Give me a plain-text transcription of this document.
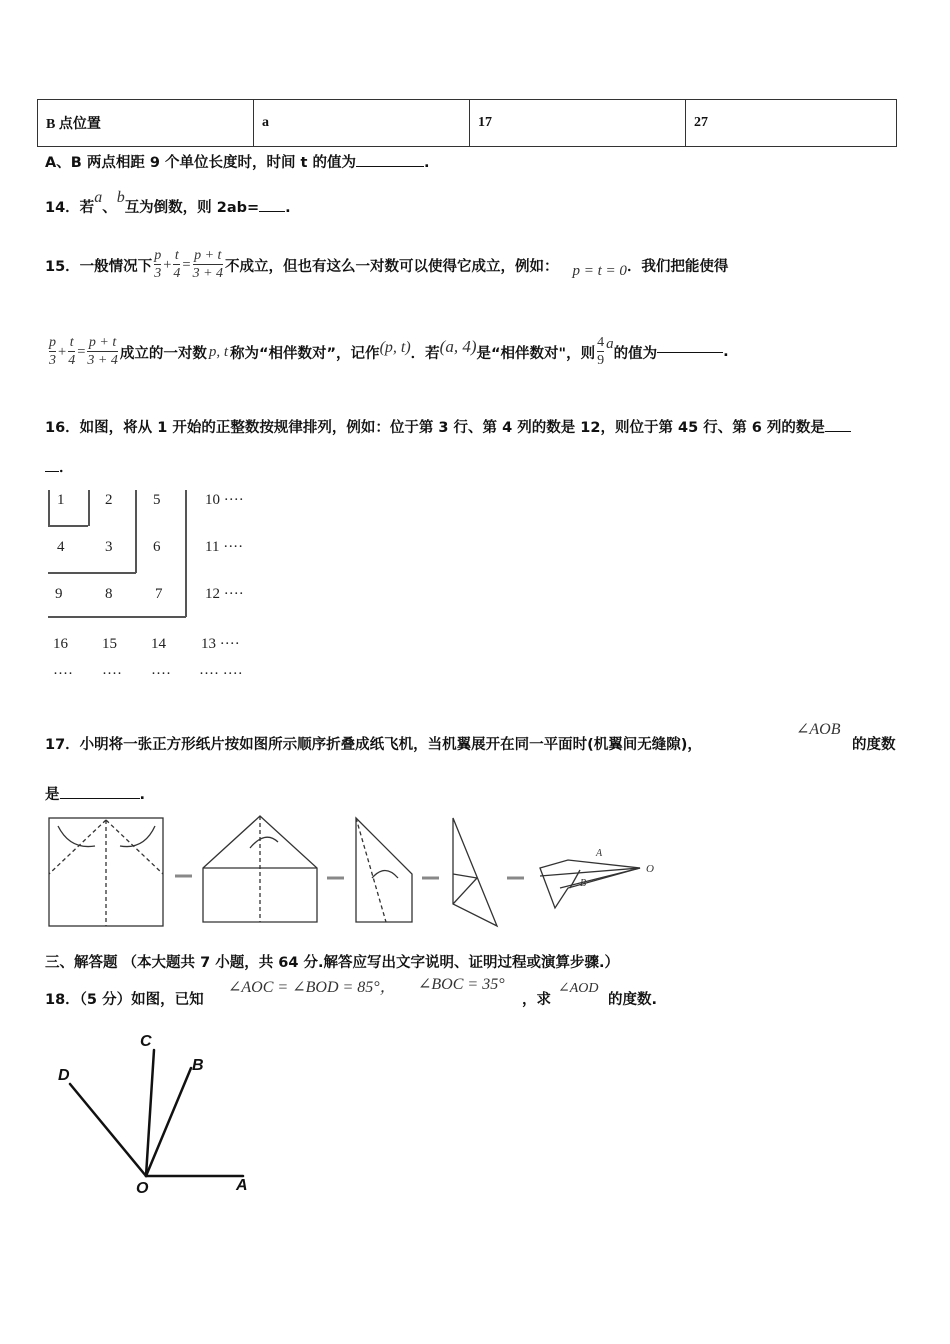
B 点位置	a	17	27
A、B 两点相距 9 个单位长度时，时间 t 的值为	.
14．若a、b互为倒数，则 2ab= .
15．一般情况下 $\frac{p}{3} + \frac{t}{4} = \frac{p + t}{3 + 4}$ 不成立，但也有这么一对数可以使得它成立，例如： p = t = 0 ．我们把能使得
$\frac{p}{3} + \frac{t}{4} = \frac{p + t}{3 + 4}$ 成立的一对数 p, t 称为“相伴数对”，记作 (p, t) ．若 (a, 4) 是“相伴数对"，则 $\frac{4}{9}$ a
的值为	.
16．如图，将从 1 开始的正整数按规律排列，例如：位于第 3 行、第 4 列的数是 12，则位于第 45 行、第 6 列的数是
．
1	2	5	10 ····
4	3	6	11 ····
9	8	7	12 ····
16 15 14 13 ····
···· ···· ···· ···· ····
17．小明将一张正方形纸片按如图所示顺序折叠成纸飞机，当机翼展开在同一平面时(机翼间无缝隙)，
∠AOB
的度数
是	.
A
B
O
三、解答题 （本大题共 7 小题，共 64 分.解答应写出文字说明、证明过程或演算步骤.）
18．（5 分）如图，已知
∠AOC = ∠BOD = 85°， ∠BOC = 35°
，求
∠AOD
的度数.
C
B
D
O	A
